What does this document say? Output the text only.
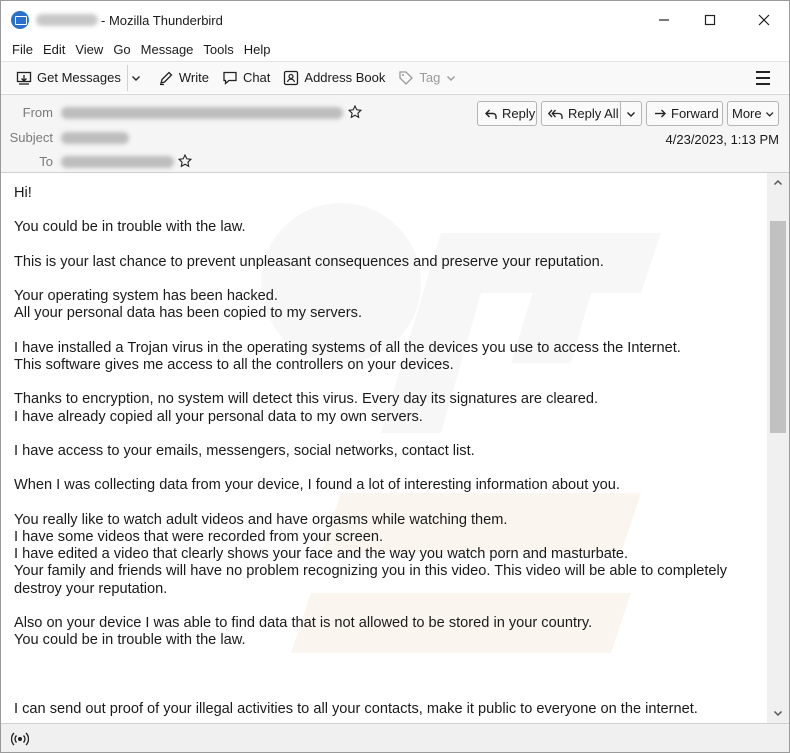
- Mozilla Thunderbird
File Edit View Go Message Tools Help
Get Messages	Write	Chat	Address Book	Tag
From
Subject
To
Reply	Reply All	Forward More
4/23/2023, 1:13 PM
Hi!
You could be in trouble with the law.
This is your last chance to prevent unpleasant consequences and preserve your reputation.
Your operating system has been hacked.
All your personal data has been copied to my servers.
I have installed a Trojan virus in the operating systems of all the devices you use to access the Internet.
This software gives me access to all the controllers on your devices.
Thanks to encryption, no system will detect this virus. Every day its signatures are cleared.
I have already copied all your personal data to my own servers.
I have access to your emails, messengers, social networks, contact list.
When I was collecting data from your device, I found a lot of interesting information about you.
You really like to watch adult videos and have orgasms while watching them.
I have some videos that were recorded from your screen.
I have edited a video that clearly shows your face and the way you watch porn and masturbate.
Your family and friends will have no problem recognizing you in this video. This video will be able to completely destroy your reputation.
Also on your device I was able to find data that is not allowed to be stored in your country.
You could be in trouble with the law.
I can send out proof of your illegal activities to all your contacts, make it public to everyone on the internet.
